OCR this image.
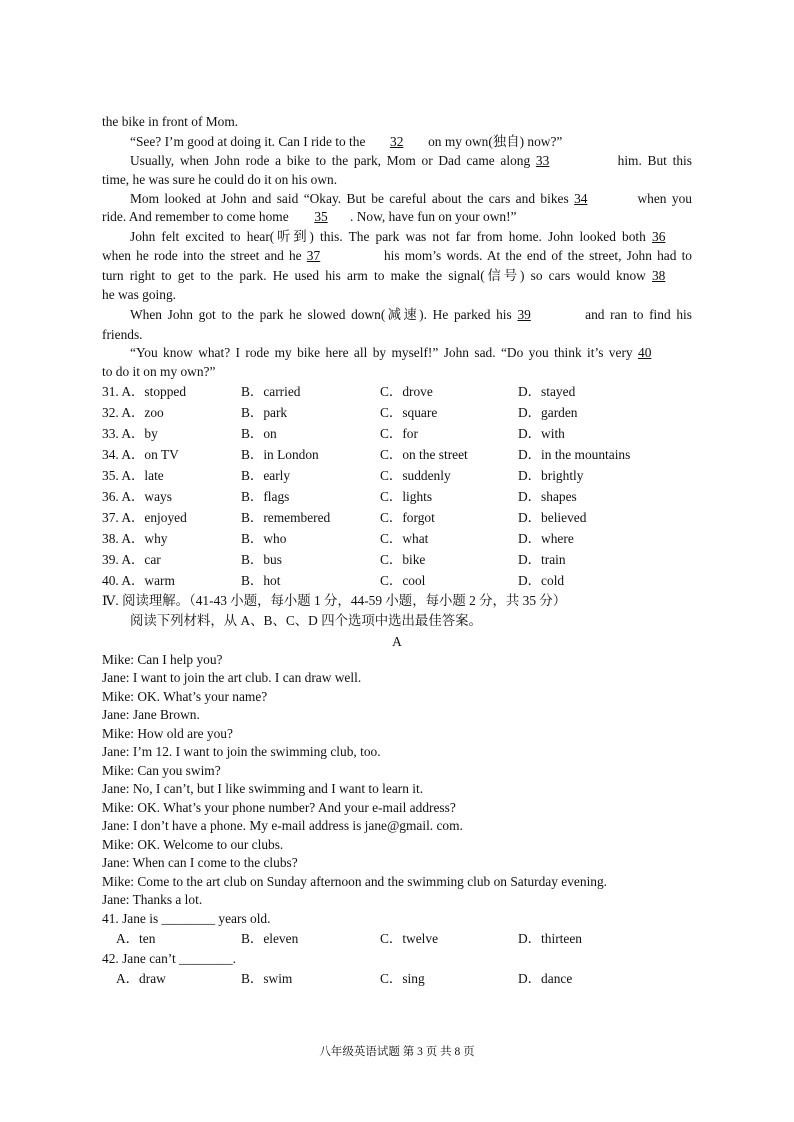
the bike in front of Mom.
“See? I’m good at doing it. Can I ride to the 32 on my own(独自) now?”
Usually, when John rode a bike to the park, Mom or Dad came along 33	him. But this
time, he was sure he could do it on his own.
Mom looked at John and said “Okay. But be careful about the cars and bikes 34	when you
ride. And remember to come home 35 . Now, have fun on your own!”
John felt excited to hear(听到) this. The park was not far from home. John looked both 36
when he rode into the street and he 37	his mom’s words. At the end of the street, John had to
turn right to get to the park. He used his arm to make the signal(信号) so cars would know 38
he was going.
When John got to the park he slowed down(减速). He parked his 39	and ran to find his
friends.
“You know what? I rode my bike here all by myself!” John sad. “Do you think it’s very 40
to do it on my own?”
31. A．stopped	B．carried	C．drove	D．stayed
32. A．zoo	B．park	C．square	D．garden
33. A．by	B．on	C．for	D．with
34. A．on TV	B．in London	C．on the street	D．in the mountains
35. A．late	B．early	C．suddenly	D．brightly
36. A．ways	B．flags	C．lights	D．shapes
37. A．enjoyed	B．remembered	C．forgot	D．believed
38. A．why	B．who	C．what	D．where
39. A．car	B．bus	C．bike	D．train
40. A．warm	B．hot	C．cool	D．cold
Ⅳ. 阅读理解。（41-43 小题，每小题 1 分，44-59 小题，每小题 2 分，共 35 分）
阅读下列材料，从 A、B、C、D 四个选项中选出最佳答案。
A
Mike: Can I help you?
Jane: I want to join the art club. I can draw well.
Mike: OK. What’s your name?
Jane: Jane Brown.
Mike: How old are you?
Jane: I’m 12. I want to join the swimming club, too.
Mike: Can you swim?
Jane: No, I can’t, but I like swimming and I want to learn it.
Mike: OK. What’s your phone number? And your e-mail address?
Jane: I don’t have a phone. My e-mail address is jane@gmail. com.
Mike: OK. Welcome to our clubs.
Jane: When can I come to the clubs?
Mike: Come to the art club on Sunday afternoon and the swimming club on Saturday evening.
Jane: Thanks a lot.
41. Jane is ________ years old.
A．ten	B．eleven	C．twelve	D．thirteen
42. Jane can’t ________.
A．draw	B．swim	C．sing	D．dance
八年级英语试题 第 3 页 共 8 页
